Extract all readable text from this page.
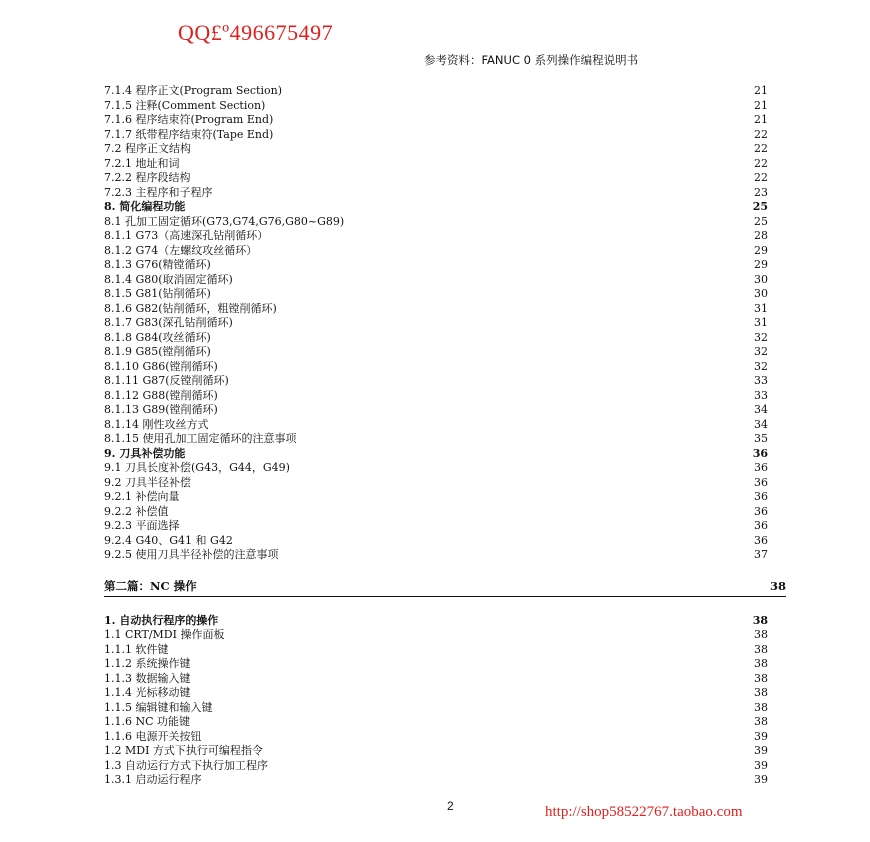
QQ£º496675497
参考资料：FANUC 0 系列操作编程说明书
7.1.4 程序正文(Program Section)	21
7.1.5 注释(Comment Section)	21
7.1.6 程序结束符(Program End)	21
7.1.7 纸带程序结束符(Tape End)	22
7.2 程序正文结构	22
7.2.1 地址和词	22
7.2.2 程序段结构	22
7.2.3 主程序和子程序	23
8. 简化编程功能	25
8.1 孔加工固定循环(G73,G74,G76,G80~G89)	25
8.1.1 G73（高速深孔钻削循环）	28
8.1.2 G74（左螺纹攻丝循环）	29
8.1.3 G76(精镗循环)	29
8.1.4 G80(取消固定循环)	30
8.1.5 G81(钻削循环)	30
8.1.6 G82(钻削循环，粗镗削循环)	31
8.1.7 G83(深孔钻削循环)	31
8.1.8 G84(攻丝循环)	32
8.1.9 G85(镗削循环)	32
8.1.10 G86(镗削循环)	32
8.1.11 G87(反镗削循环)	33
8.1.12 G88(镗削循环)	33
8.1.13 G89(镗削循环)	34
8.1.14 刚性攻丝方式	34
8.1.15 使用孔加工固定循环的注意事项	35
9. 刀具补偿功能	36
9.1 刀具长度补偿(G43，G44，G49)	36
9.2 刀具半径补偿	36
9.2.1 补偿向量	36
9.2.2 补偿值	36
9.2.3 平面选择	36
9.2.4 G40、G41 和 G42	36
9.2.5 使用刀具半径补偿的注意事项	37
第二篇：NC 操作	38
1. 自动执行程序的操作	38
1.1 CRT/MDI 操作面板	38
1.1.1 软件键	38
1.1.2 系统操作键	38
1.1.3 数据输入键	38
1.1.4 光标移动键	38
1.1.5 编辑键和输入键	38
1.1.6 NC 功能键	38
1.1.6 电源开关按钮	39
1.2 MDI 方式下执行可编程指令	39
1.3 自动运行方式下执行加工程序	39
1.3.1 启动运行程序	39
2	http://shop58522767.taobao.com
